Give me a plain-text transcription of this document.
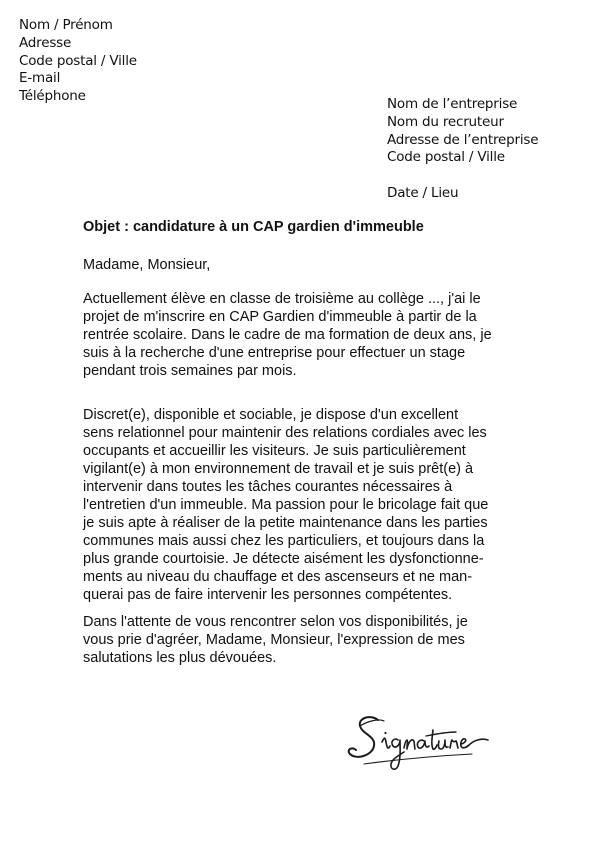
Nom / Prénom
Adresse
Code postal / Ville
E-mail
Téléphone	Nom de l’entreprise
Nom du recruteur
Adresse de l’entreprise
Code postal / Ville
Date / Lieu
Objet : candidature à un CAP gardien d'immeuble
Madame, Monsieur,
Actuellement élève en classe de troisième au collège ..., j'ai le
projet de m'inscrire en CAP Gardien d'immeuble à partir de la
rentrée scolaire. Dans le cadre de ma formation de deux ans, je
suis à la recherche d'une entreprise pour effectuer un stage
pendant trois semaines par mois.
Discret(e), disponible et sociable, je dispose d'un excellent
sens relationnel pour maintenir des relations cordiales avec les
occupants et accueillir les visiteurs. Je suis particulièrement
vigilant(e) à mon environnement de travail et je suis prêt(e) à
intervenir dans toutes les tâches courantes nécessaires à
l'entretien d'un immeuble. Ma passion pour le bricolage fait que
je suis apte à réaliser de la petite maintenance dans les parties
communes mais aussi chez les particuliers, et toujours dans la
plus grande courtoisie. Je détecte aisément les dysfonctionne-
ments au niveau du chauffage et des ascenseurs et ne man-
querai pas de faire intervenir les personnes compétentes.
Dans l'attente de vous rencontrer selon vos disponibilités, je
vous prie d'agréer, Madame, Monsieur, l'expression de mes
salutations les plus dévouées.
